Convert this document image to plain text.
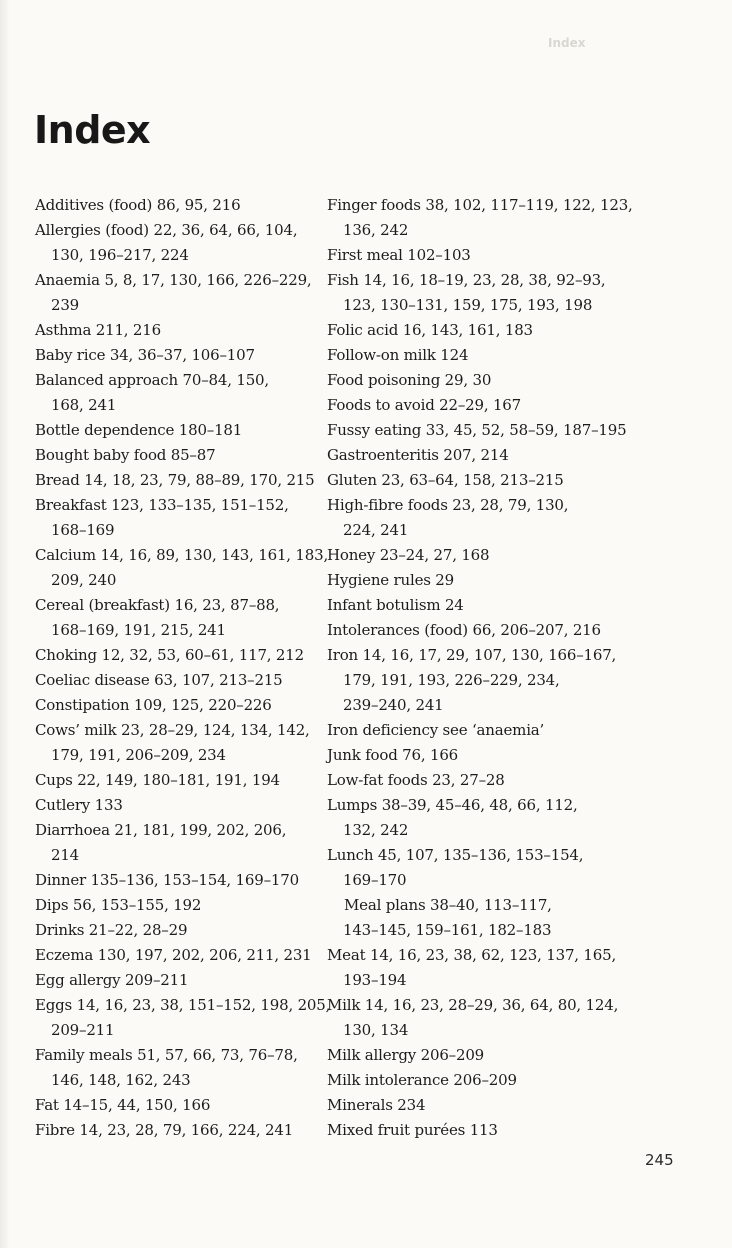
Index
Index
Additives (food) 86, 95, 216
Allergies (food) 22, 36, 64, 66, 104,
130, 196–217, 224
Anaemia 5, 8, 17, 130, 166, 226–229,
239
Asthma 211, 216
Baby rice 34, 36–37, 106–107
Balanced approach 70–84, 150,
168, 241
Bottle dependence 180–181
Bought baby food 85–87
Bread 14, 18, 23, 79, 88–89, 170, 215
Breakfast 123, 133–135, 151–152,
168–169
Calcium 14, 16, 89, 130, 143, 161, 183,
209, 240
Cereal (breakfast) 16, 23, 87–88,
168–169, 191, 215, 241
Choking 12, 32, 53, 60–61, 117, 212
Coeliac disease 63, 107, 213–215
Constipation 109, 125, 220–226
Cows’ milk 23, 28–29, 124, 134, 142,
179, 191, 206–209, 234
Cups 22, 149, 180–181, 191, 194
Cutlery 133
Diarrhoea 21, 181, 199, 202, 206,
214
Dinner 135–136, 153–154, 169–170
Dips 56, 153–155, 192
Drinks 21–22, 28–29
Eczema 130, 197, 202, 206, 211, 231
Egg allergy 209–211
Eggs 14, 16, 23, 38, 151–152, 198, 205,
209–211
Family meals 51, 57, 66, 73, 76–78,
146, 148, 162, 243
Fat 14–15, 44, 150, 166
Fibre 14, 23, 28, 79, 166, 224, 241
Finger foods 38, 102, 117–119, 122, 123,
136, 242
First meal 102–103
Fish 14, 16, 18–19, 23, 28, 38, 92–93,
123, 130–131, 159, 175, 193, 198
Folic acid 16, 143, 161, 183
Follow-on milk 124
Food poisoning 29, 30
Foods to avoid 22–29, 167
Fussy eating 33, 45, 52, 58–59, 187–195
Gastroenteritis 207, 214
Gluten 23, 63–64, 158, 213–215
High-fibre foods 23, 28, 79, 130,
224, 241
Honey 23–24, 27, 168
Hygiene rules 29
Infant botulism 24
Intolerances (food) 66, 206–207, 216
Iron 14, 16, 17, 29, 107, 130, 166–167,
179, 191, 193, 226–229, 234,
239–240, 241
Iron deficiency see ‘anaemia’
Junk food 76, 166
Low-fat foods 23, 27–28
Lumps 38–39, 45–46, 48, 66, 112,
132, 242
Lunch 45, 107, 135–136, 153–154,
169–170
Meal plans 38–40, 113–117,
143–145, 159–161, 182–183
Meat 14, 16, 23, 38, 62, 123, 137, 165,
193–194
Milk 14, 16, 23, 28–29, 36, 64, 80, 124,
130, 134
Milk allergy 206–209
Milk intolerance 206–209
Minerals 234
Mixed fruit purées 113
245
